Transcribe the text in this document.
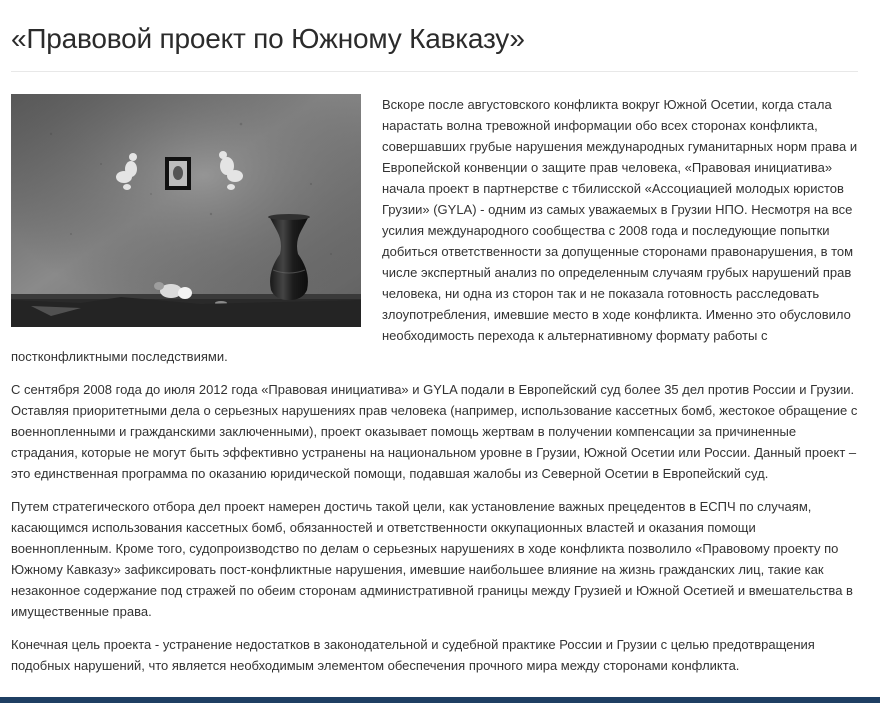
«Правовой проект по Южному Кавказу»

Вскоре после августовского конфликта вокруг Южной Осетии, когда стала нарастать волна тревожной информации обо всех сторонах конфликта, совершавших грубые нарушения международных гуманитарных норм права и Европейской конвенции о защите прав человека, «Правовая инициатива» начала проект в партнерстве с тбилисской «Ассоциацией молодых юристов Грузии» (GYLA) - одним из самых уважаемых в Грузии НПО. Несмотря на все усилия международного сообщества с 2008 года и последующие попытки добиться ответственности за допущенные сторонами правонарушения, в том числе экспертный анализ по определенным случаям грубых нарушений прав человека, ни одна из сторон так и не показала готовность расследовать злоупотребления, имевшие место в ходе конфликта. Именно это обусловило необходимость перехода к альтернативному формату работы с постконфликтными последствиями.

С сентября 2008 года до июля 2012 года «Правовая инициатива» и GYLA подали в Европейский суд более 35 дел против России и Грузии. Оставляя приоритетными дела о серьезных нарушениях прав человека (например, использование кассетных бомб, жестокое обращение с военнопленными и гражданскими заключенными), проект оказывает помощь жертвам в получении компенсации за причиненные страдания, которые не могут быть эффективно устранены на национальном уровне в Грузии, Южной Осетии или России. Данный проект – это единственная программа по оказанию юридической помощи, подавшая жалобы из Северной Осетии в Европейский суд.

Путем стратегического отбора дел проект намерен достичь такой цели, как установление важных прецедентов в ЕСПЧ по случаям, касающимся использования кассетных бомб, обязанностей и ответственности оккупационных властей и оказания помощи военнопленным. Кроме того, судопроизводство по делам о серьезных нарушениях в ходе конфликта позволило «Правовому проекту по Южному Кавказу» зафиксировать пост-конфликтные нарушения, имевшие наибольшее влияние на жизнь гражданских лиц, такие как незаконное содержание под стражей по обеим сторонам административной границы между Грузией и Южной Осетией и вмешательства в имущественные права.

Конечная цель проекта - устранение недостатков в законодательной и судебной практике России и Грузии с целью предотвращения подобных нарушений, что является необходимым элементом обеспечения прочного мира между сторонами конфликта.
